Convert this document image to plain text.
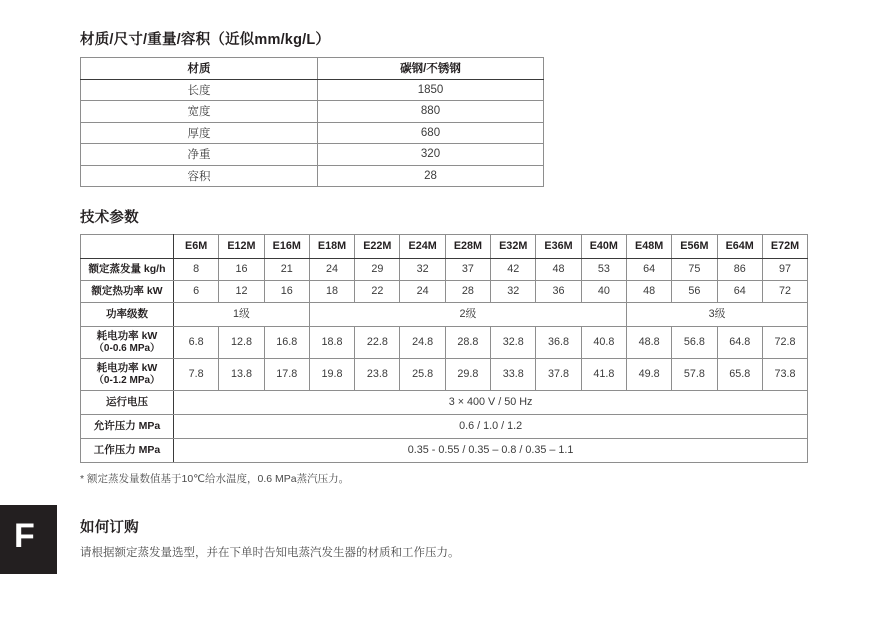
材质/尺寸/重量/容积（近似mm/kg/L）
材质	碳钢/不锈钢
长度	1850
宽度	880
厚度	680
净重	320
容积	28
技术参数
	E6M	E12M	E16M	E18M	E22M	E24M	E28M	E32M	E36M	E40M	E48M	E56M	E64M	E72M
额定蒸发量 kg/h	8	16	21	24	29	32	37	42	48	53	64	75	86	97
额定热功率 kW	6	12	16	18	22	24	28	32	36	40	48	56	64	72
功率级数	1级			2级							3级			
耗电功率 kW
（0-0.6 MPa）	6.8	12.8	16.8	18.8	22.8	24.8	28.8	32.8	36.8	40.8	48.8	56.8	64.8	72.8
耗电功率 kW
（0-1.2 MPa）	7.8	13.8	17.8	19.8	23.8	25.8	29.8	33.8	37.8	41.8	49.8	57.8	65.8	73.8
运行电压	3 × 400 V / 50 Hz													
允许压力 MPa	0.6 / 1.0 / 1.2													
工作压力 MPa	0.35 - 0.55 / 0.35 – 0.8 / 0.35 – 1.1													
* 额定蒸发量数值基于10℃给水温度，0.6 MPa蒸汽压力。
F	如何订购
请根据额定蒸发量选型，并在下单时告知电蒸汽发生器的材质和工作压力。
